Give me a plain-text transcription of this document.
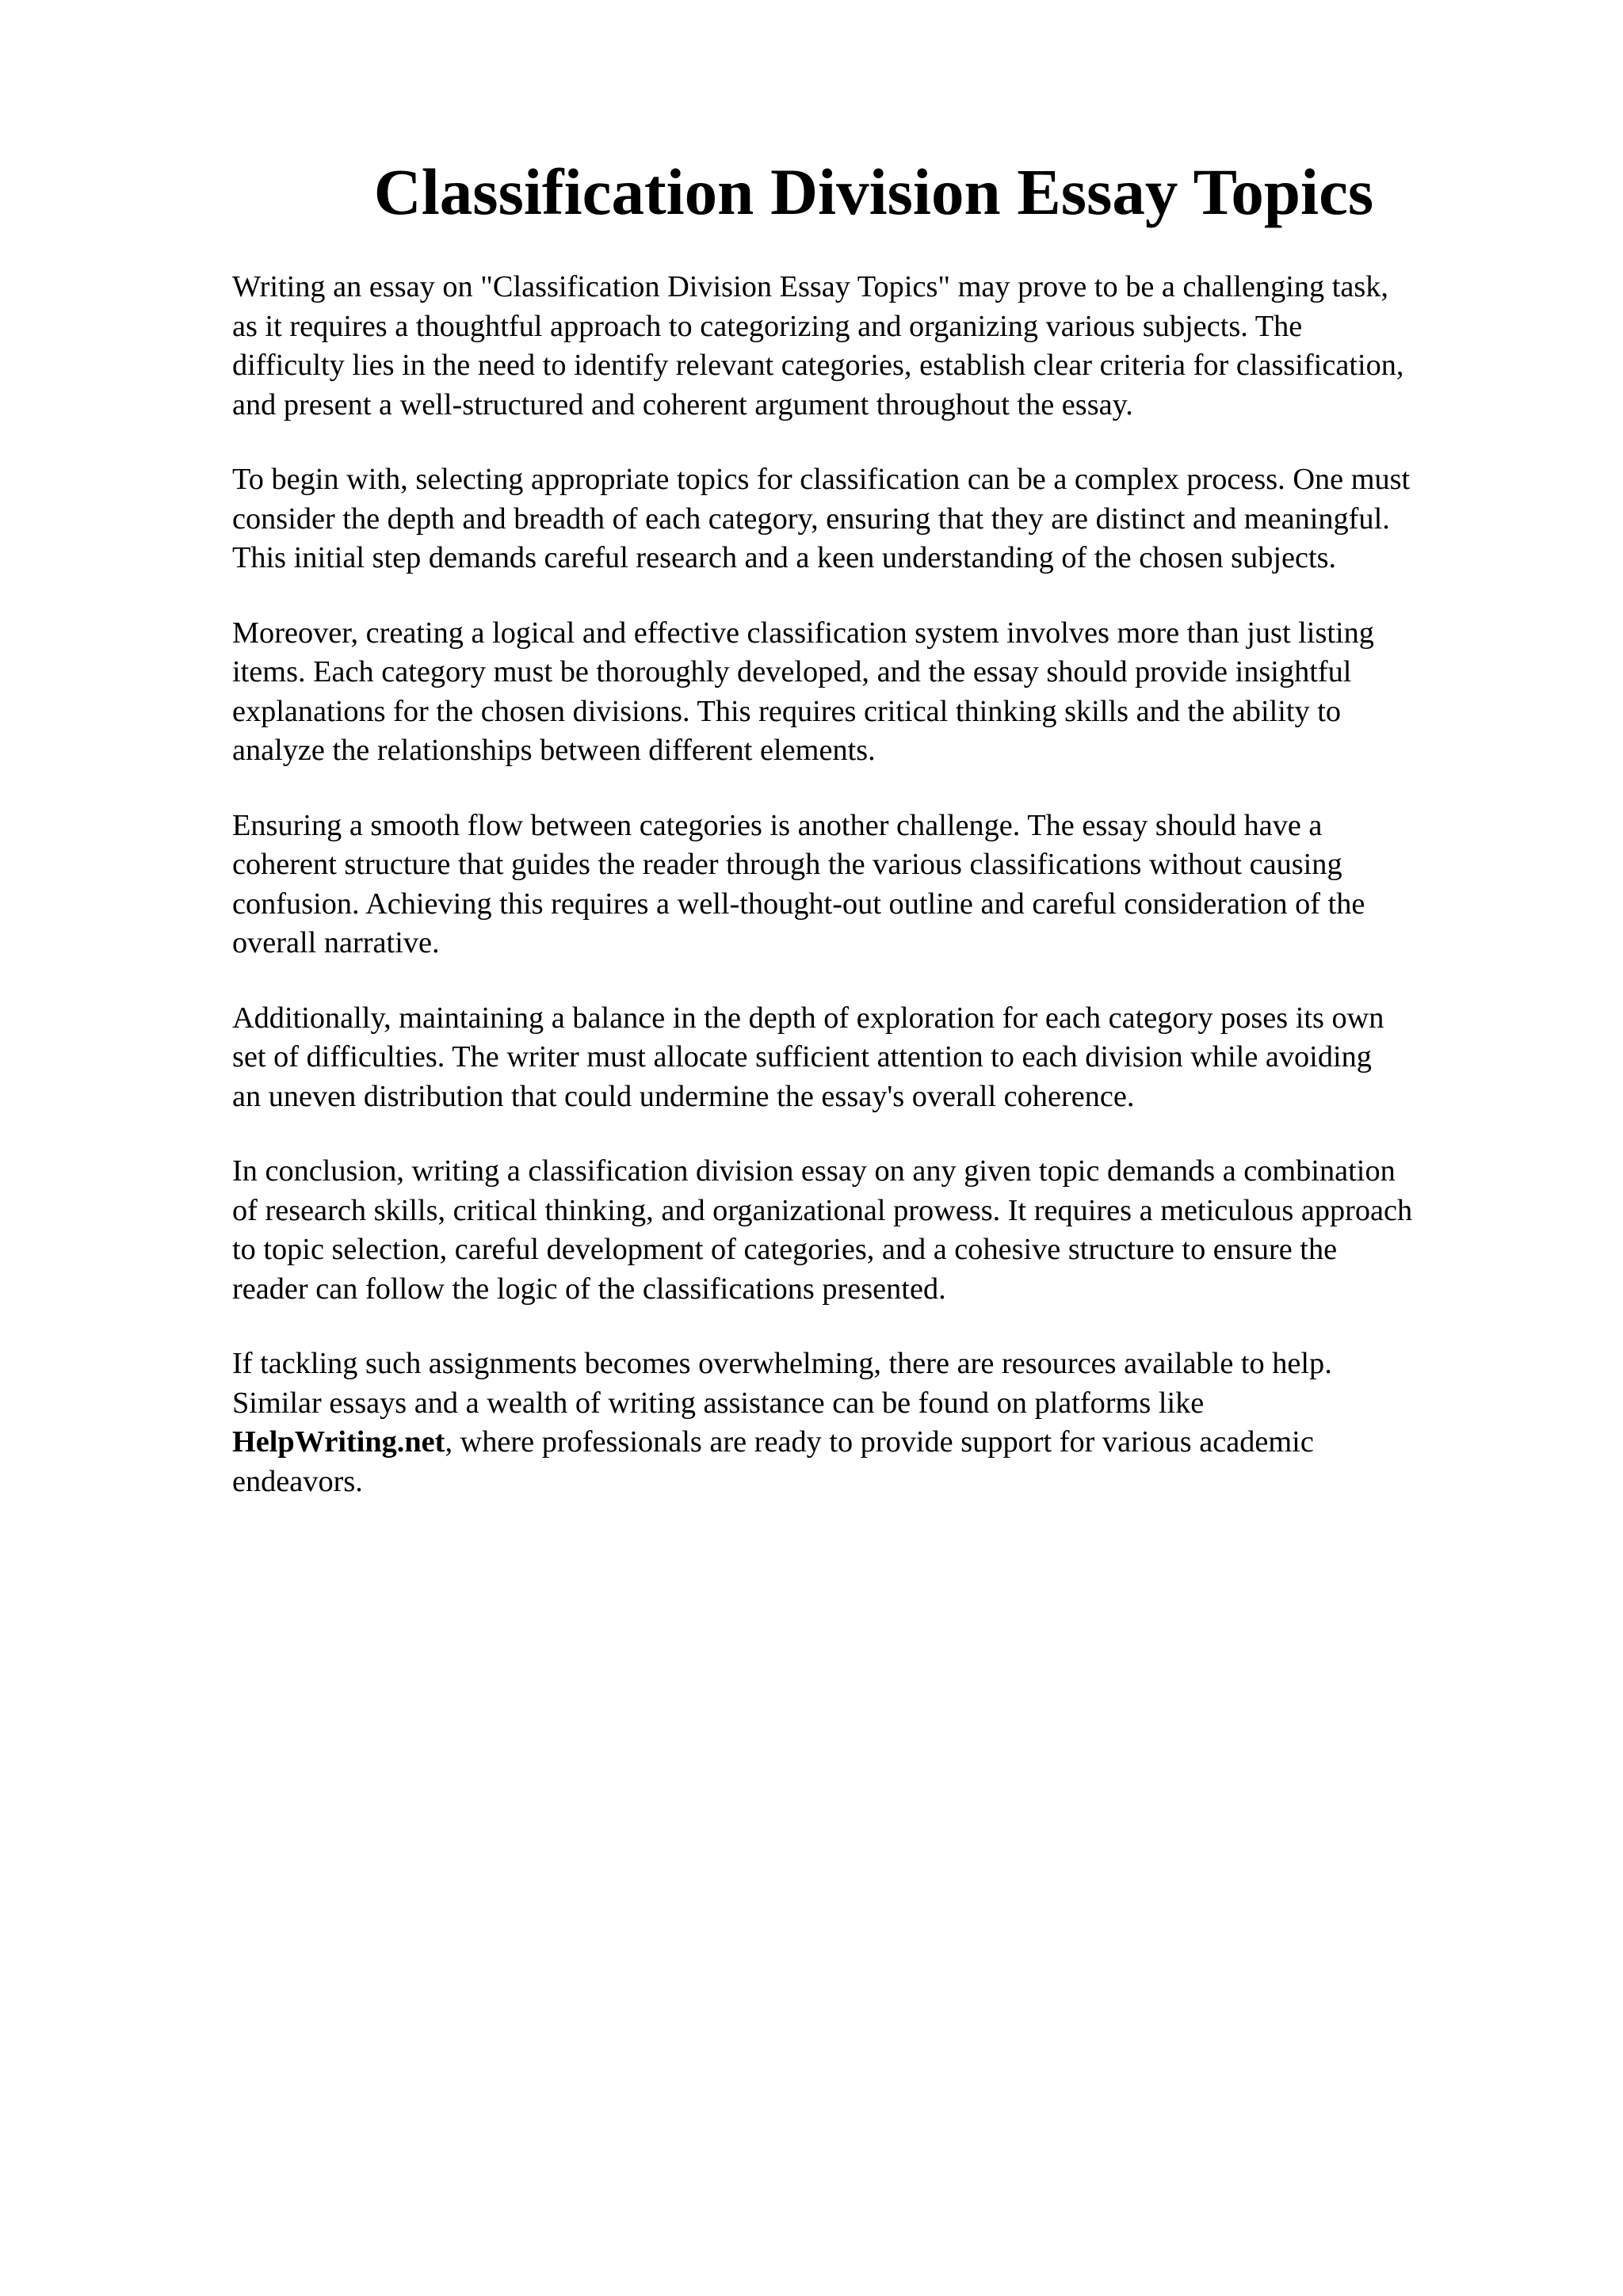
Classification Division Essay Topics

Writing an essay on "Classification Division Essay Topics" may prove to be a challenging task,
as it requires a thoughtful approach to categorizing and organizing various subjects. The
difficulty lies in the need to identify relevant categories, establish clear criteria for classification,
and present a well-structured and coherent argument throughout the essay.

To begin with, selecting appropriate topics for classification can be a complex process. One must
consider the depth and breadth of each category, ensuring that they are distinct and meaningful.
This initial step demands careful research and a keen understanding of the chosen subjects.

Moreover, creating a logical and effective classification system involves more than just listing
items. Each category must be thoroughly developed, and the essay should provide insightful
explanations for the chosen divisions. This requires critical thinking skills and the ability to
analyze the relationships between different elements.

Ensuring a smooth flow between categories is another challenge. The essay should have a
coherent structure that guides the reader through the various classifications without causing
confusion. Achieving this requires a well-thought-out outline and careful consideration of the
overall narrative.

Additionally, maintaining a balance in the depth of exploration for each category poses its own
set of difficulties. The writer must allocate sufficient attention to each division while avoiding
an uneven distribution that could undermine the essay's overall coherence.

In conclusion, writing a classification division essay on any given topic demands a combination
of research skills, critical thinking, and organizational prowess. It requires a meticulous approach
to topic selection, careful development of categories, and a cohesive structure to ensure the
reader can follow the logic of the classifications presented.

If tackling such assignments becomes overwhelming, there are resources available to help.
Similar essays and a wealth of writing assistance can be found on platforms like
HelpWriting.net, where professionals are ready to provide support for various academic
endeavors.
